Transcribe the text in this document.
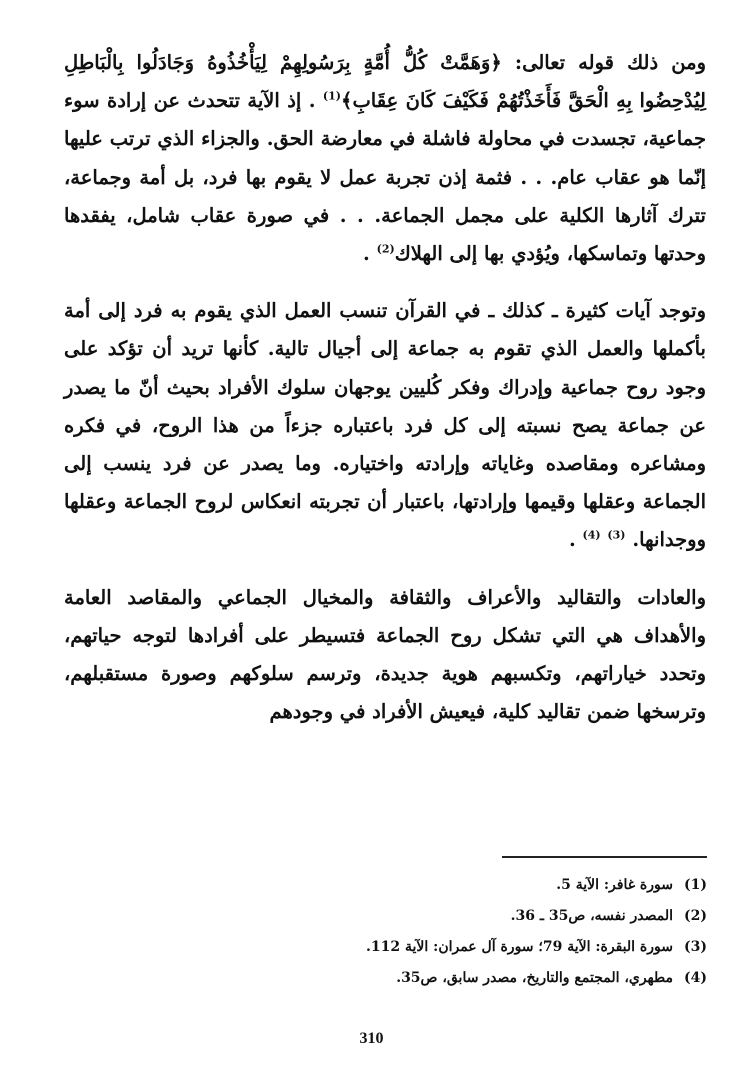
ومن ذلك قوله تعالى: ﴿وَهَمَّتْ كُلُّ أُمَّةٍ بِرَسُولِهِمْ لِيَأْخُذُوهُ وَجَادَلُوا بِالْبَاطِلِ لِيُدْحِضُوا بِهِ الْحَقَّ فَأَخَذْتُهُمْ فَكَيْفَ كَانَ عِقَابِ﴾$^{(1)}$ . إذ الآية تتحدث عن إرادة سوء جماعية، تجسدت في محاولة فاشلة في معارضة الحق. والجزاء الذي ترتب عليها إنّما هو عقاب عام. . . فثمة إذن تجربة عمل لا يقوم بها فرد، بل أمة وجماعة، تترك آثارها الكلية على مجمل الجماعة. . . في صورة عقاب شامل، يفقدها وحدتها وتماسكها، ويُؤدي بها إلى الهلاك$^{(2)}$ .

وتوجد آيات كثيرة ـ كذلك ـ في القرآن تنسب العمل الذي يقوم به فرد إلى أمة بأكملها والعمل الذي تقوم به جماعة إلى أجيال تالية. كأنها تريد أن تؤكد على وجود روح جماعية وإدراك وفكر كُليين يوجهان سلوك الأفراد بحيث أنّ ما يصدر عن جماعة يصح نسبته إلى كل فرد باعتباره جزءاً من هذا الروح، في فكره ومشاعره ومقاصده وغاياته وإرادته واختياره. وما يصدر عن فرد ينسب إلى الجماعة وعقلها وقيمها وإرادتها، باعتبار أن تجربته انعكاس لروح الجماعة وعقلها ووجدانها. $^{(3)}$ $^{(4)}$ .

والعادات والتقاليد والأعراف والثقافة والمخيال الجماعي والمقاصد العامة والأهداف هي التي تشكل روح الجماعة فتسيطر على أفرادها لتوجه حياتهم، وتحدد خياراتهم، وتكسبهم هوية جديدة، وترسم سلوكهم وصورة مستقبلهم، وترسخها ضمن تقاليد كلية، فيعيش الأفراد في وجودهم

(1)سورة غافر: الآية 5.
(2)المصدر نفسه، ص35 ـ 36.
(3)سورة البقرة: الآية 79؛ سورة آل عمران: الآية 112.
(4)مطهري، المجتمع والتاريخ، مصدر سابق، ص35.
310
